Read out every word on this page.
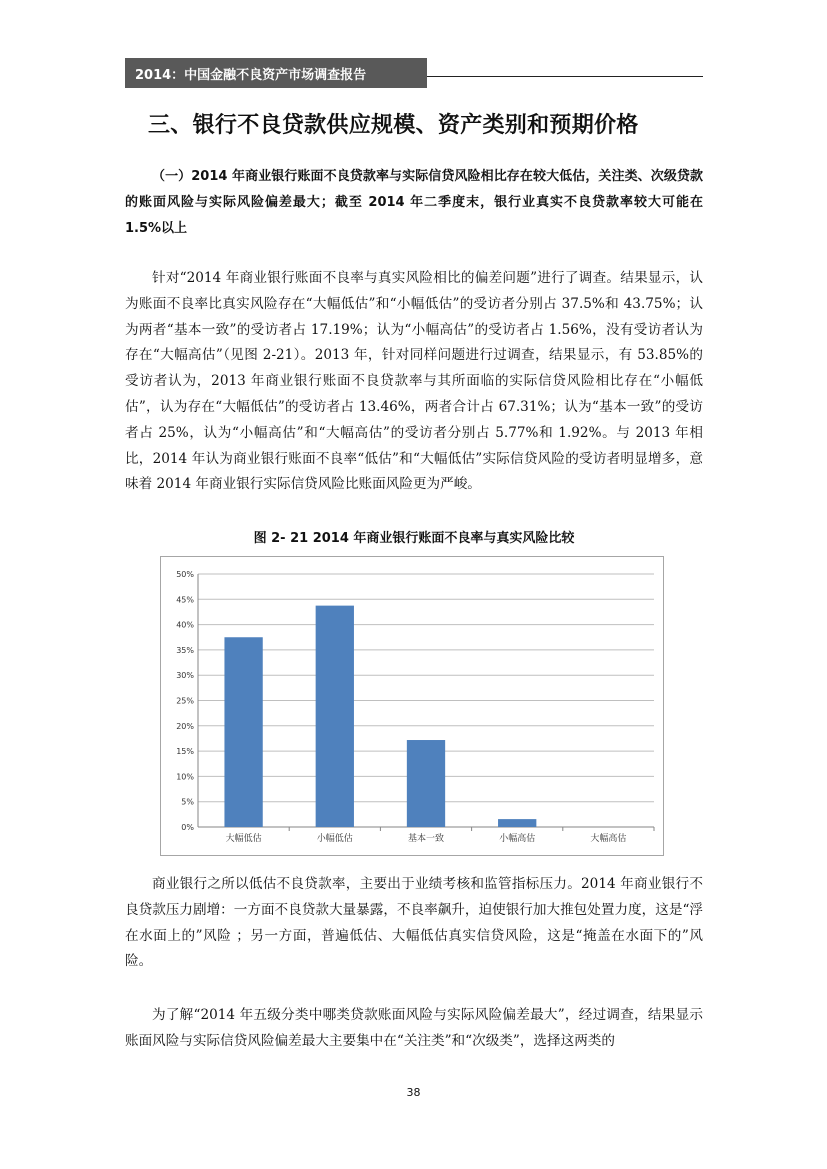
2014：中国金融不良资产市场调查报告
三、银行不良贷款供应规模、资产类别和预期价格
（一）2014 年商业银行账面不良贷款率与实际信贷风险相比存在较大低估，关注类、次级贷款的账面风险与实际风险偏差最大；截至 2014 年二季度末，银行业真实不良贷款率较大可能在 1.5%以上
针对“2014 年商业银行账面不良率与真实风险相比的偏差问题”进行了调查。结果显示，认为账面不良率比真实风险存在“大幅低估”和“小幅低估”的受访者分别占 37.5%和 43.75%；认为两者“基本一致”的受访者占 17.19%；认为“小幅高估”的受访者占 1.56%，没有受访者认为存在“大幅高估”（见图 2-21）。2013 年，针对同样问题进行过调查，结果显示，有 53.85%的受访者认为，2013 年商业银行账面不良贷款率与其所面临的实际信贷风险相比存在“小幅低估”，认为存在“大幅低估”的受访者占 13.46%，两者合计占 67.31%；认为“基本一致”的受访者占 25%，认为“小幅高估”和“大幅高估”的受访者分别占 5.77%和 1.92%。与 2013 年相比，2014 年认为商业银行账面不良率“低估”和“大幅低估”实际信贷风险的受访者明显增多，意味着 2014 年商业银行实际信贷风险比账面风险更为严峻。
图 2- 21 2014 年商业银行账面不良率与真实风险比较
0%
5%
10%
15%
20%
25%
30%
35%
40%
45%
50%
大幅低估	小幅低估	基本一致	小幅高估	大幅高估
商业银行之所以低估不良贷款率，主要出于业绩考核和监管指标压力。2014 年商业银行不良贷款压力剧增：一方面不良贷款大量暴露，不良率飙升，迫使银行加大推包处置力度，这是“浮在水面上的”风险 ；另一方面，普遍低估、大幅低估真实信贷风险，这是“掩盖在水面下的”风险。
为了解“2014 年五级分类中哪类贷款账面风险与实际风险偏差最大”，经过调查，结果显示账面风险与实际信贷风险偏差最大主要集中在“关注类”和“次级类”，选择这两类的
38
